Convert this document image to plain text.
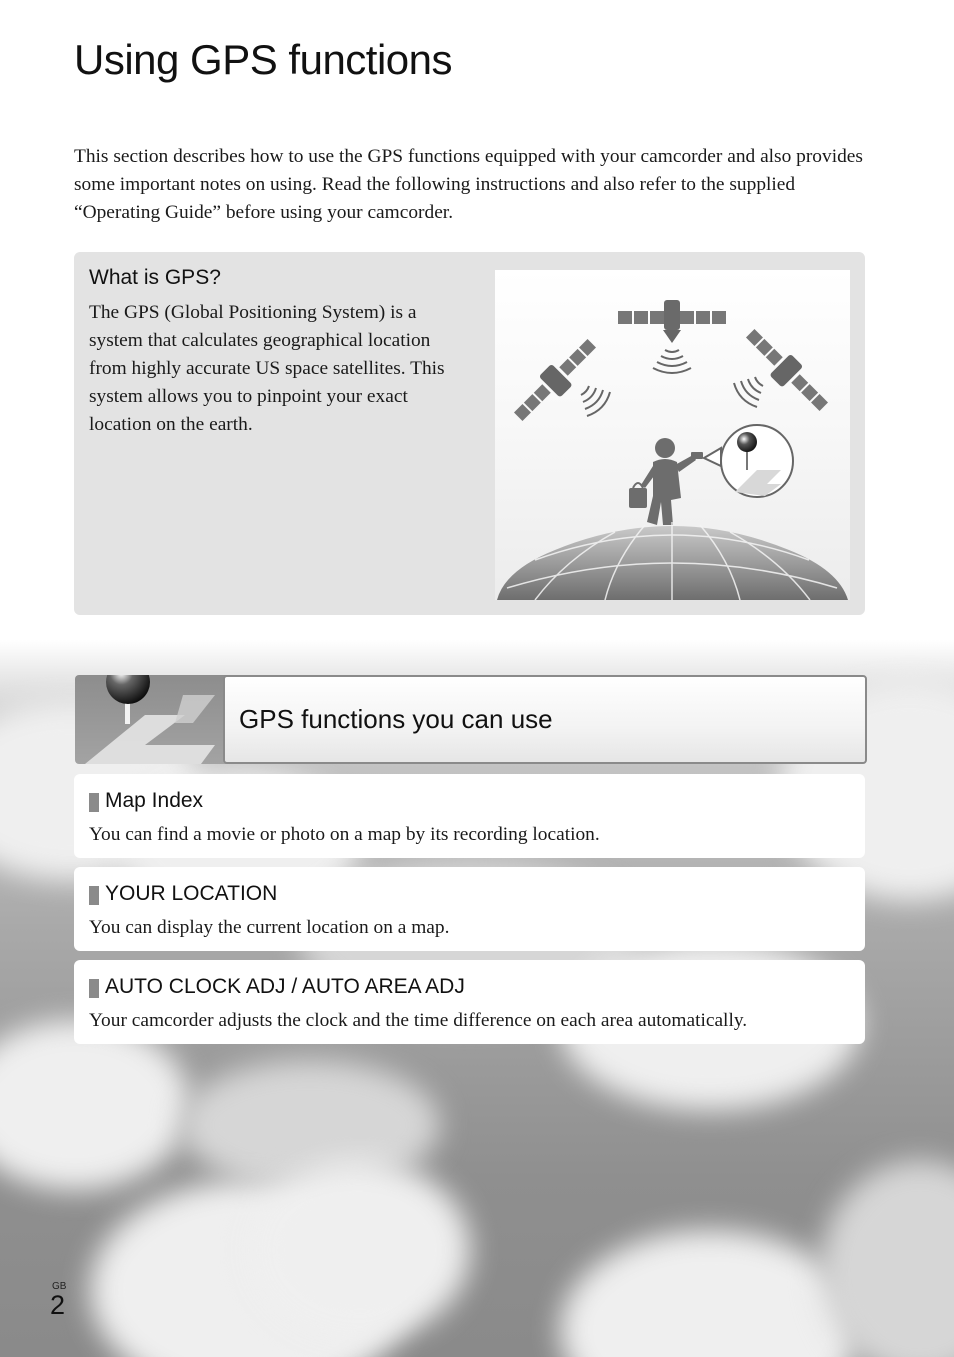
Using GPS functions

This section describes how to use the GPS functions equipped with your camcorder and also provides some important notes on using. Read the following instructions and also refer to the supplied “Operating Guide” before using your camcorder.

What is GPS?

The GPS (Global Positioning System) is a system that calculates geographical location from highly accurate US space satellites. This system allows you to pinpoint your exact location on the earth.

GPS functions you can use
Map Index

You can find a movie or photo on a map by its recording location.

YOUR LOCATION

You can display the current location on a map.

AUTO CLOCK ADJ / AUTO AREA ADJ

Your camcorder adjusts the clock and the time difference on each area automatically.

GB
2
